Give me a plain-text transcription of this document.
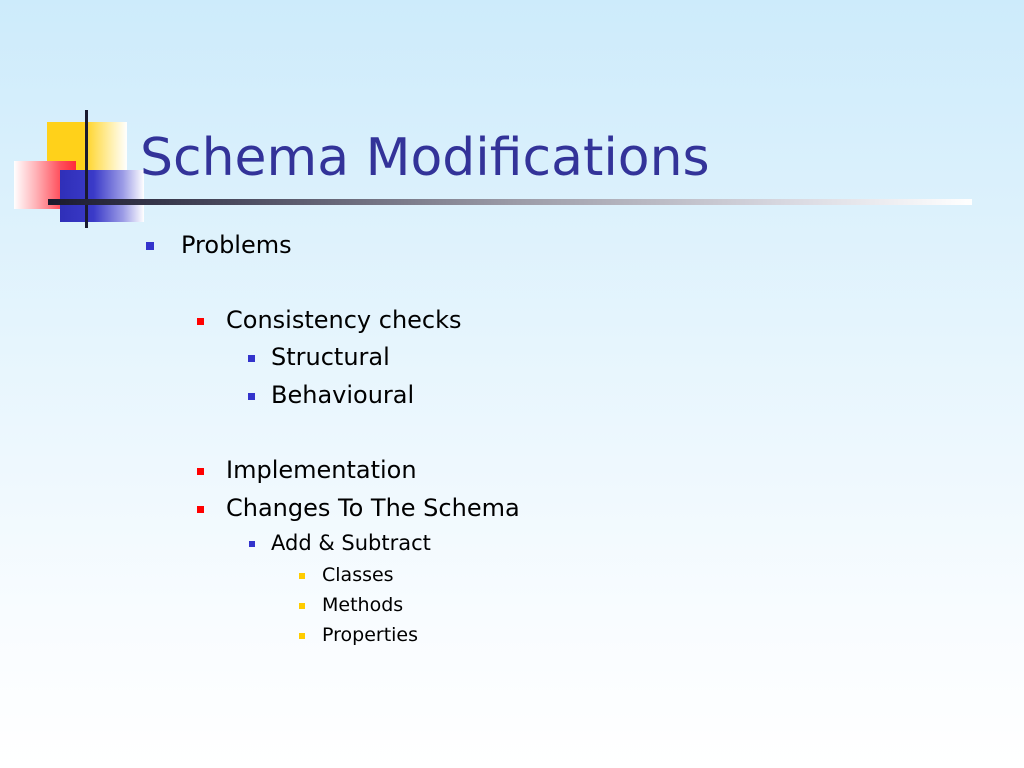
Schema Modifications
Problems
Consistency checks
Structural
Behavioural
Implementation
Changes To The Schema
Add & Subtract
Classes
Methods
Properties
